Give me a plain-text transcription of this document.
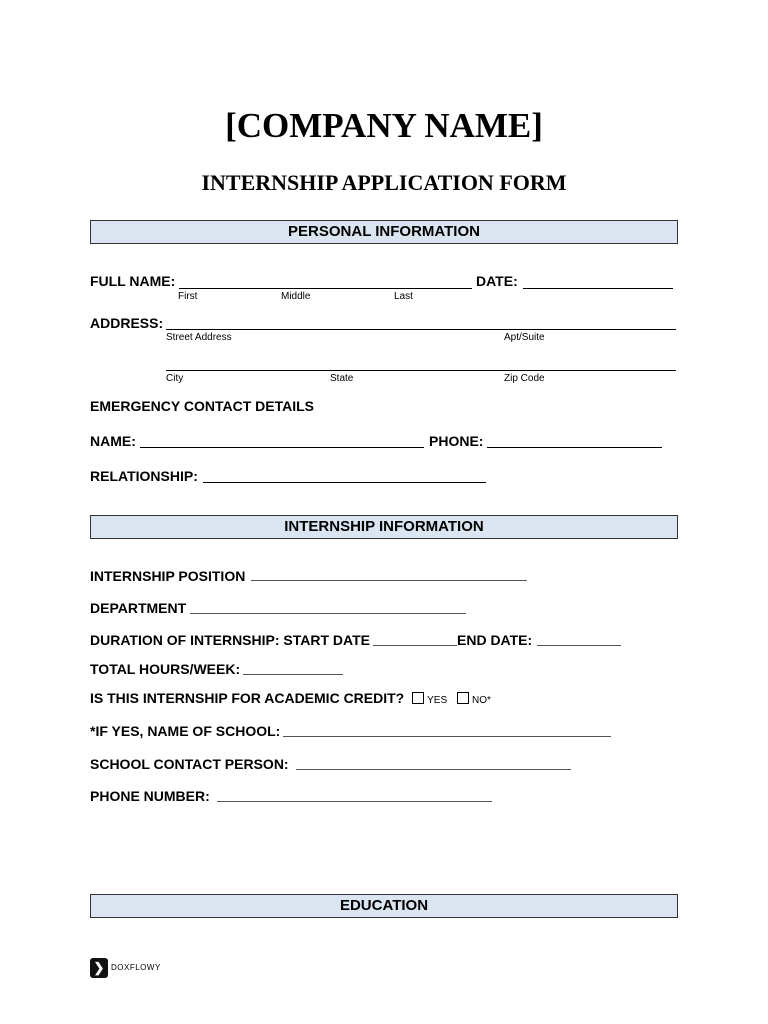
[COMPANY NAME]
INTERNSHIP APPLICATION FORM
PERSONAL INFORMATION
FULL NAME:	DATE:
First	Middle	Last
ADDRESS:
Street Address	Apt/Suite
City	State	Zip Code
EMERGENCY CONTACT DETAILS
NAME:	PHONE:
RELATIONSHIP:
INTERNSHIP INFORMATION
INTERNSHIP POSITION
DEPARTMENT
DURATION OF INTERNSHIP: START DATE	END DATE:
TOTAL HOURS/WEEK:
IS THIS INTERNSHIP FOR ACADEMIC CREDIT? YES NO*
*IF YES, NAME OF SCHOOL:
SCHOOL CONTACT PERSON:
PHONE NUMBER:
EDUCATION
❯ DOXFLOWY
